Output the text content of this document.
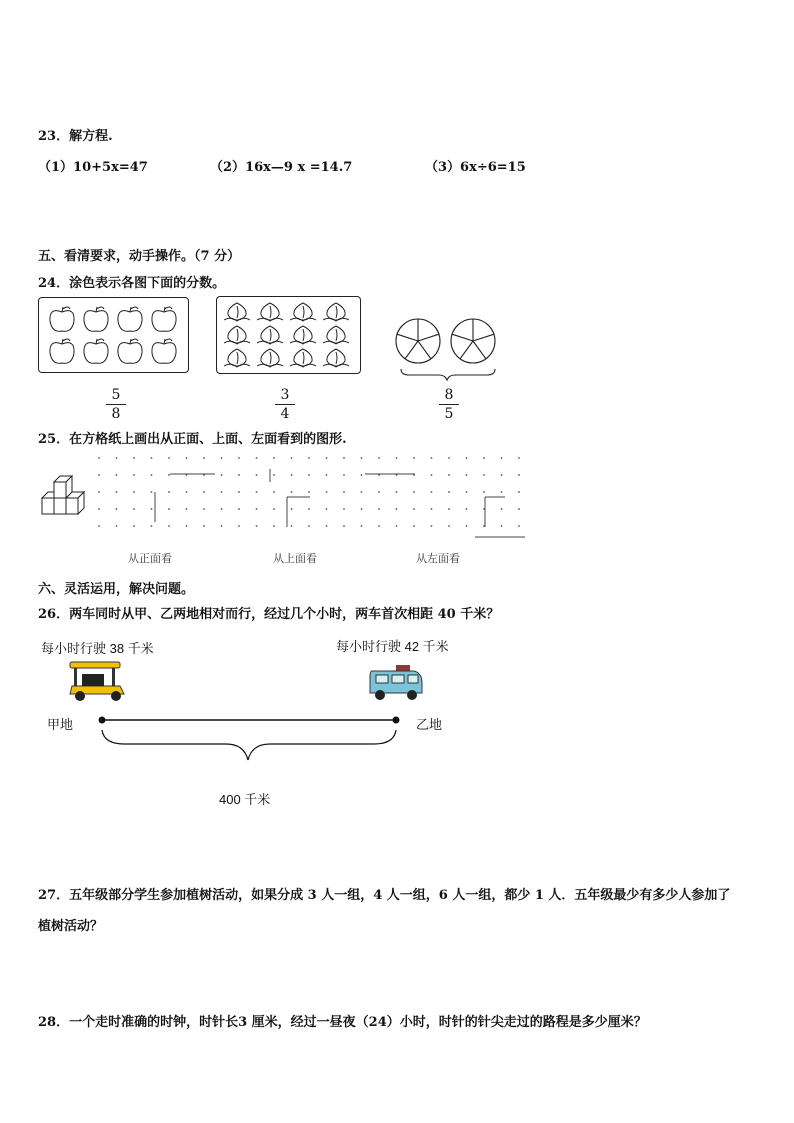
23．解方程.
（1）10+5x=47	（2）16x—9 x =14.7	（3）6x÷6=15
五、看清要求，动手操作。（7 分）
24．涂色表示各图下面的分数。
5
8
3
4
8
5
25．在方格纸上画出从正面、上面、左面看到的图形.
从正面看	从上面看	从左面看
六、灵活运用，解决问题。
26．两车同时从甲、乙两地相对而行，经过几个小时，两车首次相距 40 千米？
每小时行驶 38 千米	每小时行驶 42 千米
甲地	乙地
400 千米
27．五年级部分学生参加植树活动，如果分成 3 人一组，4 人一组，6 人一组，都少 1 人．五年级最少有多少人参加了
植树活动？
28．一个走时准确的时钟，时针长3 厘米，经过一昼夜（24）小时，时针的针尖走过的路程是多少厘米？
